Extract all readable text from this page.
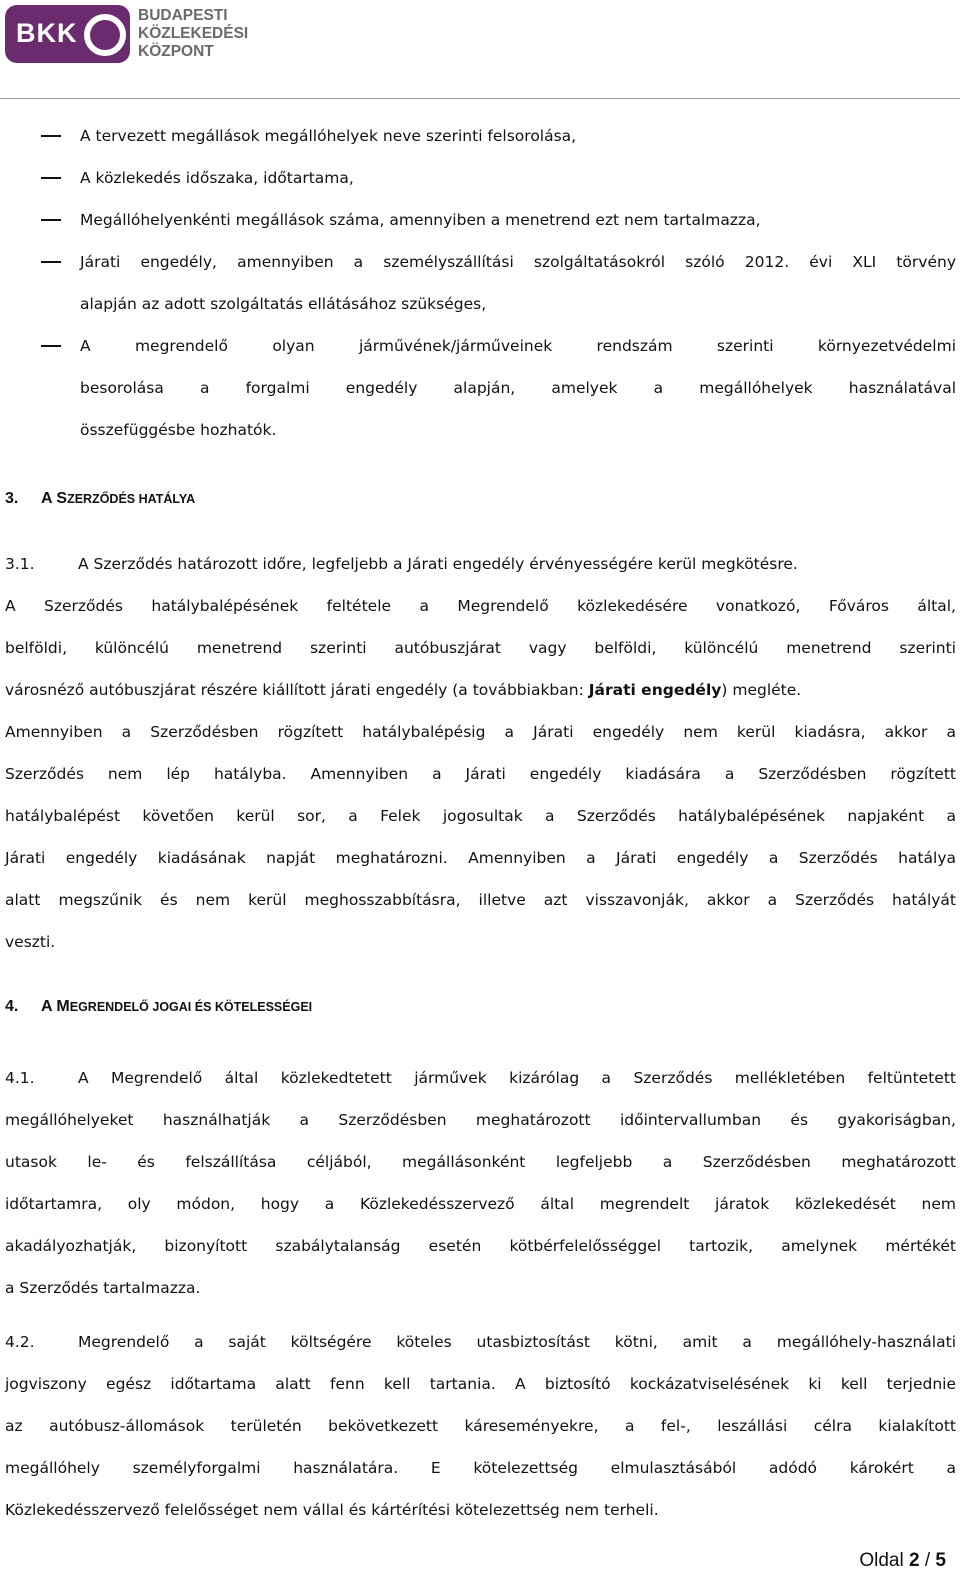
BKK
BUDAPESTI
KÖZLEKEDÉSI
KÖZPONT
A tervezett megállások megállóhelyek neve szerinti felsorolása,
A közlekedés időszaka, időtartama,
Megállóhelyenkénti megállások száma, amennyiben a menetrend ezt nem tartalmazza,
Járati engedély, amennyiben a személyszállítási szolgáltatásokról szóló 2012. évi XLI törvény
alapján az adott szolgáltatás ellátásához szükséges,
A megrendelő olyan járművének/járműveinek rendszám szerinti környezetvédelmi
besorolása a forgalmi engedély alapján, amelyek a megállóhelyek használatával
összefüggésbe hozhatók.
3. A SZERZŐDÉS HATÁLYA
3.1.	A Szerződés határozott időre, legfeljebb a Járati engedély érvényességére kerül megkötésre.
A Szerződés hatálybalépésének feltétele a Megrendelő közlekedésére vonatkozó, Főváros által,
belföldi, különcélú menetrend szerinti autóbuszjárat vagy belföldi, különcélú menetrend szerinti
városnéző autóbuszjárat részére kiállított járati engedély (a továbbiakban: Járati engedély) megléte.
Amennyiben a Szerződésben rögzített hatálybalépésig a Járati engedély nem kerül kiadásra, akkor a
Szerződés nem lép hatályba. Amennyiben a Járati engedély kiadására a Szerződésben rögzített
hatálybalépést követően kerül sor, a Felek jogosultak a Szerződés hatálybalépésének napjaként a
Járati engedély kiadásának napját meghatározni. Amennyiben a Járati engedély a Szerződés hatálya
alatt megszűnik és nem kerül meghosszabbításra, illetve azt visszavonják, akkor a Szerződés hatályát
veszti.
4. A MEGRENDELŐ JOGAI ÉS KÖTELESSÉGEI
4.1.	A Megrendelő által közlekedtetett járművek kizárólag a Szerződés mellékletében feltüntetett
megállóhelyeket használhatják a Szerződésben meghatározott időintervallumban és gyakoriságban,
utasok le- és felszállítása céljából, megállásonként legfeljebb a Szerződésben meghatározott
időtartamra, oly módon, hogy a Közlekedésszervező által megrendelt járatok közlekedését nem
akadályozhatják, bizonyított szabálytalanság esetén kötbérfelelősséggel tartozik, amelynek mértékét
a Szerződés tartalmazza.
4.2.	Megrendelő a saját költségére köteles utasbiztosítást kötni, amit a megállóhely-használati
jogviszony egész időtartama alatt fenn kell tartania. A biztosító kockázatviselésének ki kell terjednie
az autóbusz-állomások területén bekövetkezett káreseményekre, a fel-, leszállási célra kialakított
megállóhely személyforgalmi használatára. E kötelezettség elmulasztásából adódó károkért a
Közlekedésszervező felelősséget nem vállal és kártérítési kötelezettség nem terheli.
Oldal 2 / 5
